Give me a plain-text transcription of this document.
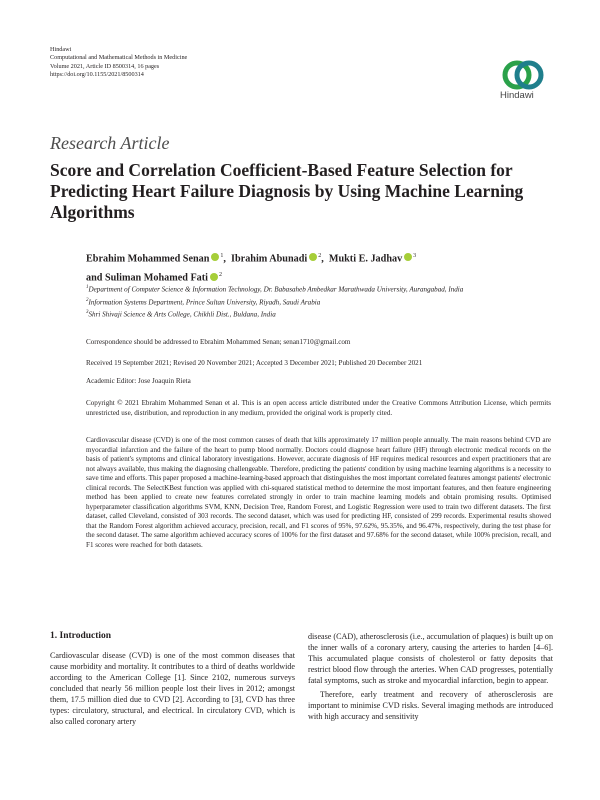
Hindawi
Computational and Mathematical Methods in Medicine
Volume 2021, Article ID 8500314, 16 pages
https://doi.org/10.1155/2021/8500314
Hindawi
Research Article
Score and Correlation Coefficient-Based Feature Selection for Predicting Heart Failure Diagnosis by Using Machine Learning Algorithms
Ebrahim Mohammed Senan $^1$,  Ibrahim Abunadi $^2$,  Mukti E. Jadhav $^3$
and Suliman Mohamed Fati $^2$
$^1$Department of Computer Science & Information Technology, Dr. Babasaheb Ambedkar Marathwada University, Aurangabad, India
$^2$Information Systems Department, Prince Sultan University, Riyadh, Saudi Arabia
$^3$Shri Shivaji Science & Arts College, Chikhli Dist., Buldana, India
Correspondence should be addressed to Ebrahim Mohammed Senan; senan1710@gmail.com
Received 19 September 2021; Revised 20 November 2021; Accepted 3 December 2021; Published 20 December 2021
Academic Editor: Jose Joaquin Rieta
Copyright © 2021 Ebrahim Mohammed Senan et al. This is an open access article distributed under the Creative Commons Attribution License, which permits unrestricted use, distribution, and reproduction in any medium, provided the original work is properly cited.
Cardiovascular disease (CVD) is one of the most common causes of death that kills approximately 17 million people annually. The main reasons behind CVD are myocardial infarction and the failure of the heart to pump blood normally. Doctors could diagnose heart failure (HF) through electronic medical records on the basis of patient's symptoms and clinical laboratory investigations. However, accurate diagnosis of HF requires medical resources and expert practitioners that are not always available, thus making the diagnosing challengeable. Therefore, predicting the patients' condition by using machine learning algorithms is a necessity to save time and efforts. This paper proposed a machine-learning-based approach that distinguishes the most important correlated features amongst patients' electronic clinical records. The SelectKBest function was applied with chi-squared statistical method to determine the most important features, and then feature engineering method has been applied to create new features correlated strongly in order to train machine learning models and obtain promising results. Optimised hyperparameter classification algorithms SVM, KNN, Decision Tree, Random Forest, and Logistic Regression were used to train two different datasets. The first dataset, called Cleveland, consisted of 303 records. The second dataset, which was used for predicting HF, consisted of 299 records. Experimental results showed that the Random Forest algorithm achieved accuracy, precision, recall, and F1 scores of 95%, 97.62%, 95.35%, and 96.47%, respectively, during the test phase for the second dataset. The same algorithm achieved accuracy scores of 100% for the first dataset and 97.68% for the second dataset, while 100% precision, recall, and F1 scores were reached for both datasets.
1. Introduction

Cardiovascular disease (CVD) is one of the most common diseases that cause morbidity and mortality. It contributes to a third of deaths worldwide according to the American College [1]. Since 2102, numerous surveys concluded that nearly 56 million people lost their lives in 2012; amongst them, 17.5 million died due to CVD [2]. According to [3], CVD has three types: circulatory, structural, and electrical. In circulatory CVD, which is also called coronary artery

disease (CAD), atherosclerosis (i.e., accumulation of plaques) is built up on the inner walls of a coronary artery, causing the arteries to harden [4–6]. This accumulated plaque consists of cholesterol or fatty deposits that restrict blood flow through the arteries. When CAD progresses, potentially fatal symptoms, such as stroke and myocardial infarction, begin to appear.

Therefore, early treatment and recovery of atherosclerosis are important to minimise CVD risks. Several imaging methods are introduced with high accuracy and sensitivity
